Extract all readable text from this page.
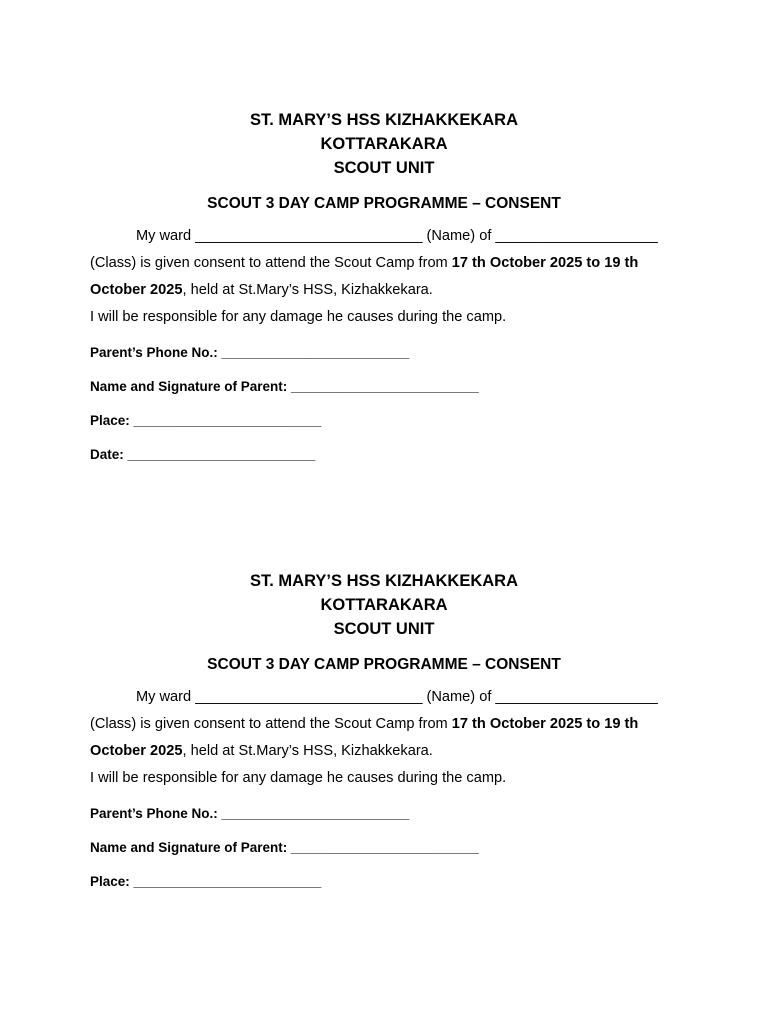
ST. MARY’S HSS KIZHAKKEKARA
KOTTARAKARA
SCOUT UNIT
SCOUT 3 DAY CAMP PROGRAMME – CONSENT
My ward ____________________________ (Name) of ____________________ (Class) is given consent to attend the Scout Camp from 17 th October 2025 to 19 th October 2025, held at St.Mary’s HSS, Kizhakkekara.
I will be responsible for any damage he causes during the camp.
Parent’s Phone No.: _________________________
Name and Signature of Parent: _________________________
Place: _________________________
Date: _________________________
ST. MARY’S HSS KIZHAKKEKARA
KOTTARAKARA
SCOUT UNIT
SCOUT 3 DAY CAMP PROGRAMME – CONSENT
My ward ____________________________ (Name) of ____________________ (Class) is given consent to attend the Scout Camp from 17 th October 2025 to 19 th October 2025, held at St.Mary’s HSS, Kizhakkekara.
I will be responsible for any damage he causes during the camp.
Parent’s Phone No.: _________________________
Name and Signature of Parent: _________________________
Place: _________________________
